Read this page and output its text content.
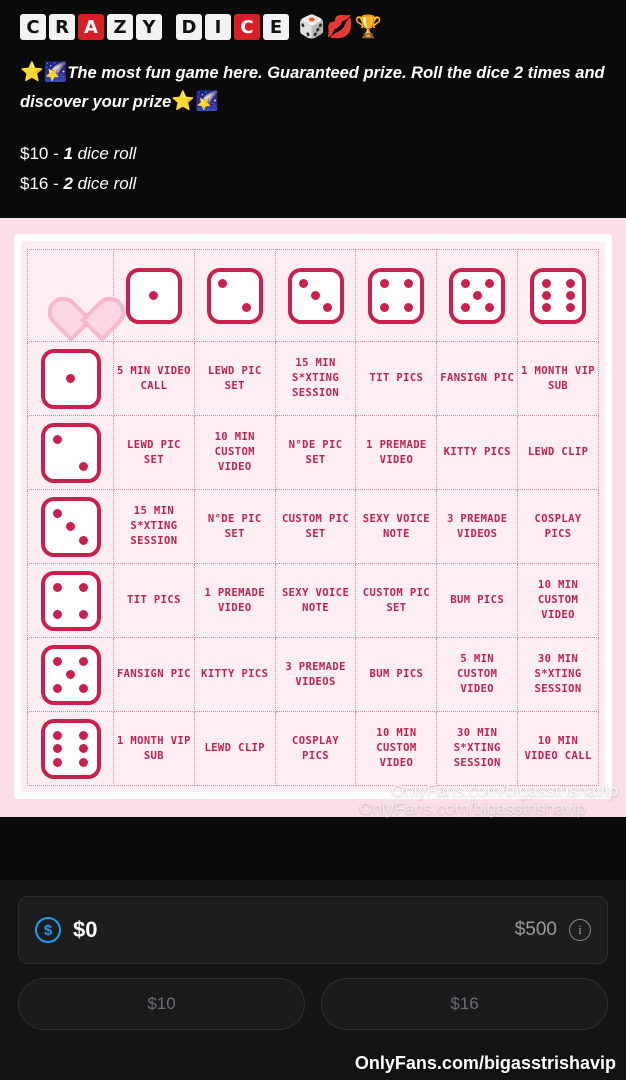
C R A Z Y	D	I	C E 🎲💋🏆
⭐🌠The most fun game here. Guaranteed prize. Roll the dice 2 times and discover your prize⭐🌠
$10 - 1 dice roll
$16 - 2 dice roll

	5 MIN VIDEO CALL	LEWD PIC SET	15 MIN S*XTING SESSION	TIT PICS	FANSIGN PIC	1 MONTH VIP SUB

	LEWD PIC SET	10 MIN CUSTOM VIDEO	N°DE PIC SET	1 PREMADE VIDEO	KITTY PICS	LEWD CLIP

	15 MIN S*XTING SESSION	N°DE PIC SET	CUSTOM PIC SET	SEXY VOICE NOTE	3 PREMADE VIDEOS	COSPLAY PICS

	TIT PICS	1 PREMADE VIDEO	SEXY VOICE NOTE	CUSTOM PIC SET	BUM PICS	10 MIN CUSTOM VIDEO

	FANSIGN PIC	KITTY PICS	3 PREMADE VIDEOS	BUM PICS	5 MIN CUSTOM VIDEO	30 MIN S*XTING SESSION

	1 MONTH VIP SUB	LEWD CLIP	COSPLAY PICS	10 MIN CUSTOM VIDEO	30 MIN S*XTING SESSION	10 MIN VIDEO CALL
OnlyFans.com/bigasstrishavip
OnlyFans.com/bigasstrishavip
$ $0	$500	i
$10	$16
OnlyFans.com/bigasstrishavip
